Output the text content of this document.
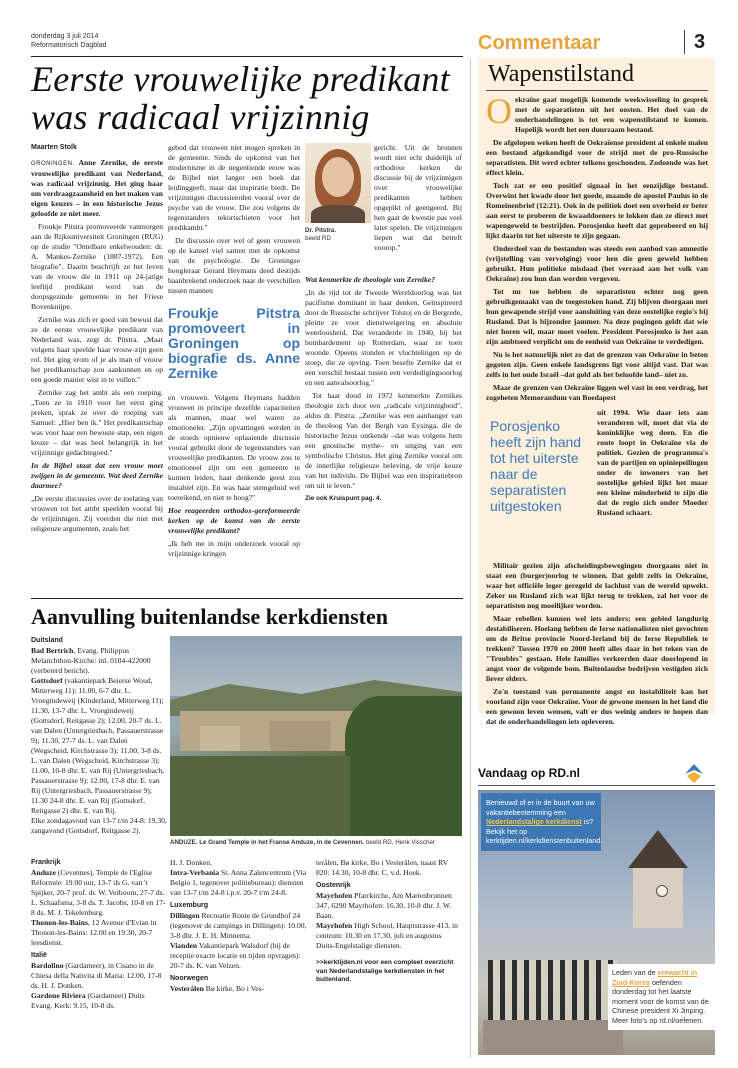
donderdag 3 juli 2014
Reformatorisch Dagblad	Commentaar	3
Eerste vrouwelijke predikant
was radicaal vrijzinnig
Maarten Stolk

GRONINGEN. Anne Zernike, de eerste vrouwelijke predikant van Nederland, was radicaal vrijzinnig. Het ging haar om verdraagzaamheid en het maken van eigen keuzes – in een historische Jezus geloofde ze niet meer.

Froukje Pitstra promoveerde vanmorgen aan de Rijksuniversiteit Groningen (RUG) op de studie "Ontelbare enkelwouden: dr. A. Mankes-Zernike (1887-1972). Een biografie". Daarin beschrijft ze het leven van de vrouw die in 1911 op 24-jarige leeftijd predikant werd van de doopsgezinde gemeente in het Friese Bovenknijpe.

Zernike was zich er goed van bewust dat ze de eerste vrouwelijke predikant van Nederland was, zegt dr. Pitstra. „Maar volgens haar speelde haar vrouw-zijn geen rol. Het ging erom of je als man of vrouw het predikantschap zou aankunnen en op een goede manier wist in te vullen."

Zernike zag het ambt als een roeping. „Toen ze in 1910 voor het eerst ging preken, sprak ze over de roeping van Samuel: „Hier ben ik." Het predikantschap was voor haar een bewuste stap, een eigen keuze – dat was heel belangrijk in het vrijzinnige gedachtegoed."

In de Bijbel staat dat een vrouw moet zwijgen in de gemeente. Wat deed Zernike daarmee?

„De eerste discussies over de toelating van vrouwen tot het ambt speelden vooral bij de vrijzinnigen. Zij voerden die niet met religieuze argumenten, zoals het

gebod dat vrouwen niet mogen spreken in de gemeente. Sinds de opkomst van het modernisme in de negentiende eeuw was de Bijbel niet langer een boek dat leidinggeeft, maar dat inspiratie biedt. De vrijzinnigen discussieerden vooral over de psyche van de vrouw. Die zou volgens de tegenstanders tekortschieten voor het predikambt."

De discussie over wel of geen vrouwen op de kansel viel samen met de opkomst van de psychologie. De Groningse hoogleraar Gerard Heymans deed destijds baanbrekend onderzoek naar de verschillen tussen mannen

Froukje Pitstra promoveert in Groningen op biografie ds. Anne Zernike

en vrouwen. Volgens Heymans hadden vrouwen in principe dezelfde capaciteiten als mannen, maar wel waren ze emotioneler. „Zijn opvattingen werden in de stoeds opnieuw oplaaiende discussie vooral gebruikt door de tegenstanders van vrouwelijke predikanten. De vrouw zou te emotioneel zijn om een gemeente te kunnen leiden, haar denkende geest zou instabiel zijn. En was haar stemgeluid wel toereikend, en niet te hoog?"

Hoe reageerden orthodox-gereformeerde kerken op de komst van de eerste vrouwelijke predikant?

„Ik heb me in mijn onderzoek vooral op vrijzinnige kringen

Dr. Pitstra.
beeld RD

gericht. Uit de bronnen wordt niet echt duidelijk of orthodoxe kerken de discussie bij de vrijzinnigen over vrouwelijke predikanten hebben opgepikt of geengeerd. Bij hen gaat de kwestie pas veel later spelen. De vrijzinnigen liepen wat dat betreft voorop."

Wat kenmerkte de theologie van Zernike?

„In de tijd tot de Tweede Wereldoorlog was het pacifisme dominant in haar denken. Geïnspireerd door de Russische schrijver Tolstoj en de Bergrede, pleitte ze voor dienstweigering en absolute weerloosheid. Dat veranderde in 1940, bij het bombardement op Rotterdam, waar ze toen woonde. Opeens stonden er vluchtelingen op de stoep, die ze opving. Toen besefte Zernike dat er een verschil bestaat tussen een verdedigingsoorlog en een aanvalsoorlog."

Tot haar dood in 1972 kenmerkte Zernikes theologie zich door een „radicale vrijzinnigheid", aldus dr. Pitstra. „Zernike was een aanhanger van de theoloog Van der Bergh van Eysinga, die de historische Jezus ontkende –dat was volgens hem een gnostische mythe– en uitging van een symbolische Christus. Het ging Zernike vooral om de innerlijke religieuze beleving, de vrije keuze van het individu. De Bijbel was een inspiratiebron om uit te leven."

Zie ook Kruispunt pag. 4.
Wapenstilstand

Oekraïne gaat mogelijk komende weekwisseling in gesprek met de separatisten uit het oosten. Het doel van de onderhandelingen is tot een wapenstilstand te komen. Hopelijk wordt het een duurzaam bestand.

De afgelopen weken heeft de Oekraïense president al enkele malen een bestand afgekondigd voor de strijd met de pro-Russische separatisten. Dit werd echter telkens geschonden. Zodoende was het effect klein.

Toch zat er een positief signaal in het eenzijdige bestand. Overwint het kwade door het goede, maande de apostel Paulus in de Romeinenbrief (12:21). Ook in de politiek doet een overheid er beter aan eerst te proberen de kwaaddoeners te lokken dan ze direct met wapengeweld te bestrijden. Porosjenko heeft dat geprobeerd en hij lijkt daarin tot het uiterste te zijn gegaan.

Onderdeel van de bestanden was steeds een aanbod van amnestie (vrijstelling van vervolging) voor hen die geen geweld hebben gebruikt. Hun politieke misdaad (het verraad aan het volk van Oekraïne) zou hun dan worden vergeven.

Tot nu toe hebben de separatisten echter nog geen gebruikgemaakt van de toegestoken hand. Zij blijven doorgaan met hun gewapende strijd voor aansluiting van deze oostelijke regio's bij Rusland. Dat is bijzonder jammer. Na deze pogingen geldt dat wie niet horen wil, maar moet voelen. President Porosjenko is het aan zijn ambtseed verplicht om de eenheid van Oekraïne te verdedigen.

Nu is het natuurlijk niet zo dat de grenzen van Oekraïne in beton gegoten zijn. Geen enkele landsgrens ligt voor altijd vast. Dat was zelfs in het oude Israël –dat gold als het beloofde land– niet zo.

Maar de grenzen van Oekraïne liggen wel vast in een verdrag, het zogeheten Memorandum van Boedapest

Porosjenko heeft zijn hand tot het uiterste naar de separatisten uitgestoken

uit 1994. Wie daar iets aan veranderen wil, moet dat via de koninklijke weg doen. En die route loopt in Oekraïne via de politiek. Gezien de programma's van de partijen en opiniepeilingen onder de inwoners van het oostelijke gebied lijkt het maar een kleine minderheid te zijn die dat de regio zich onder Moeder Rusland schaart.

Militair gezien zijn afscheidingsbewegingen doorgaans niet in staat een (burger)oorlog te winnen. Dat geldt zelfs in Oekraïne, waar het officiële leger geregeld de lachlust van de wereld opwekt. Zeker nu Rusland zich wat lijkt terug te trekken, zal het voor de separatisten nog moeilijker worden.

Maar rebellen kunnen wel iets anders: een gebied langdurig destabiliseren. Hoelang hebben de Ierse nationalisten niet gevochten om de Britse provincie Noord-Ierland bij de Ierse Republiek te trekken? Tussen 1970 en 2000 heeft alles daar in het teken van de "Troubles" gestaan. Hele families verkeerden daar doorlopend in angst voor de volgende bom. Buitenlandse bedrijven vestigden zich liever elders.

Zo'n toestand van permanente angst en instabiliteit kan het voorland zijn voor Oekraïne. Voor de gewone mensen in het land die een gewoon leven wensen, valt er dus weinig anders te hopen dan dat de onderhandelingen iets opleveren.

Vandaag op RD.nl
Benieuwd of er in de buurt van uw vakantiebestemming een Nederlandstalige kerkdienst is? Bekijk het op kerktijden.nl/kerkdienstenbuitenland.
Leden van de erewacht in Zuid-Korea oefenden donderdag tot het laatste moment voor de komst van de Chinese president Xi Jinping. Meer foto's op rd.nl/oefenen.
Aanvulling buitenlandse kerkdiensten
Duitsland
Bad Bertrich, Evang. Philippus Melanchthon-Kirche: inl. 0184-422000 (verbeterd bericht).
Gottsdorf (vakantiepark Beierse Woud, Mitterweg 11): 11.00, 6-7 dhr. L. Vroegindeweij (Kinderland, Mitterweg 11); 11.30, 13-7 dhr. L. Vroegindeweij (Gottsdorf, Reitgasse 2); 12.00, 20-7 ds. L. van Dalen (Untergriesbach, Passauerstrasse 9); 11.30, 27-7 ds. L. van Dalen (Wegscheid, Kirchstrasse 3); 11.00, 3-8 ds. L. van Dalen (Wegscheid, Kirchstrasse 3); 11.00, 10-8 dhr. E. van Rij (Untergriesbach, Passauerstrasse 9); 12.00, 17-8 dhr. E. van Rij (Untergriesbach, Passauerstrasse 9); 11.30 24-8 dhr. E. van Rij (Gottsdorf, Reitgasse 2) dhr. E. van Rij.
Elke zondagavond van 13-7 t/m 24-8: 19.30, zangavond (Gottsdorf, Reitgasse 2).
ANDUZE. Le Grand Temple in het Franse Anduze, in de Cevennen. beeld RD, Henk Visscher
Frankrijk
Anduze (Cevennes), Temple de l'Eglise Réformée: 19.00 uur, 13-7 ds G. van 't Spijker, 20-7 prof. dr. W. Verboom, 27-7 ds. L. Schaafsma, 3-8 ds. T. Jacobs, 10-8 en 17-8 ds. M. J. Tekelenburg.
Thonon-les-Bains, 12 Avenue d'Evian in Thonon-les-Bains: 12.00 en 19.30, 20-7 leesdienst.
Italië
Bardolino (Gardameer), in Cisano in de Chiesa della Nativita di Maria: 12.00, 17-8 ds. H. J. Donken.
Gardone Riviera (Gardameer) Duits Evang. Kerk: 9.15, 10-8 ds.
H. J. Donken.
Intra-Verbania St. Anna Zalencentrum (Via Belgio 1, tegenover politiebureau): diensten van 13-7 t/m 24-8 i.p.v. 20-7 t/m 24-8.
Luxemburg
Dillingen Recreatie Route de Grundhof 24 (tegenover de campings in Dillingen): 10.00, 3-8 dhr. J. E. H. Minnema.
Vianden Vakantiepark Walsdorf (bij de receptie exacte locatie en tijden opvragen): 20-7 ds. K. van Velzen.
Noorwegen
Vesterålen Bø kirke, Bo i Ves-
terålen, Bø kirke, Bo i Vesterålen, naast RV 820: 14.30, 10-8 dhr. C. v.d. Hoek.
Oostenrijk
Mayrhofen Pfarrkirche, Am Marienbrunnen 347, 6290 Mayrhofen: 16.30, 10-8 dhr. J. W. Baan.
Mayrhofen High School, Hauptstrasse 413, in centrum: 10.30 en 17.30, juli en augustus Duits-Engelstalige diensten.
>>kerktijden.nl voor een compleet overzicht van Nederlandstalige kerkdiensten in het buitenland.
